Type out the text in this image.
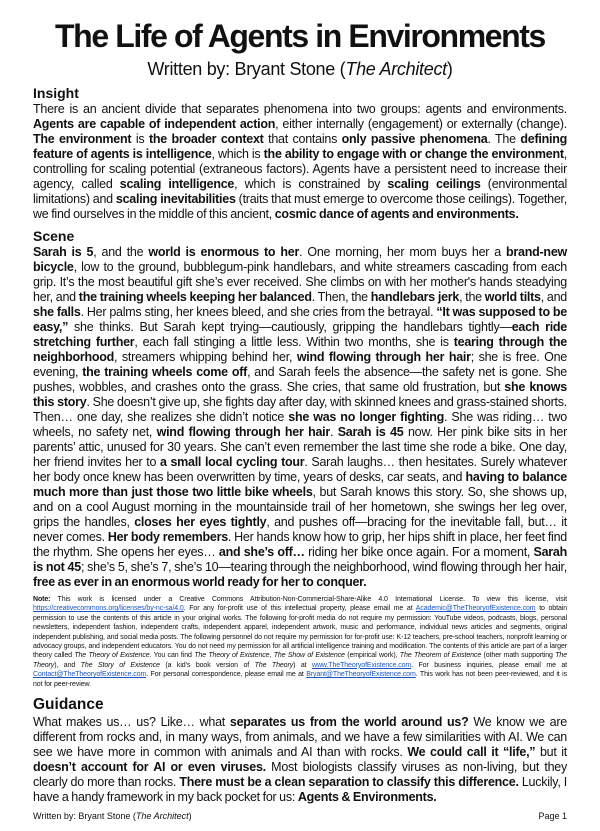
The Life of Agents in Environments
Written by: Bryant Stone (The Architect)
Insight

There is an ancient divide that separates phenomena into two groups: agents and environments. Agents are capable of independent action, either internally (engagement) or externally (change). The environment is the broader context that contains only passive phenomena. The defining feature of agents is intelligence, which is the ability to engage with or change the environment, controlling for scaling potential (extraneous factors). Agents have a persistent need to increase their agency, called scaling intelligence, which is constrained by scaling ceilings (environmental limitations) and scaling inevitabilities (traits that must emerge to overcome those ceilings). Together, we find ourselves in the middle of this ancient, cosmic dance of agents and environments.

Scene

Sarah is 5, and the world is enormous to her. One morning, her mom buys her a brand-new bicycle, low to the ground, bubblegum-pink handlebars, and white streamers cascading from each grip. It’s the most beautiful gift she’s ever received. She climbs on with her mother's hands steadying her, and the training wheels keeping her balanced. Then, the handlebars jerk, the world tilts, and she falls. Her palms sting, her knees bleed, and she cries from the betrayal. “It was supposed to be easy,” she thinks. But Sarah kept trying—cautiously, gripping the handlebars tightly—each ride stretching further, each fall stinging a little less. Within two months, she is tearing through the neighborhood, streamers whipping behind her, wind flowing through her hair; she is free. One evening, the training wheels come off, and Sarah feels the absence—the safety net is gone. She pushes, wobbles, and crashes onto the grass. She cries, that same old frustration, but she knows this story. She doesn’t give up, she fights day after day, with skinned knees and grass-stained shorts. Then… one day, she realizes she didn’t notice she was no longer fighting. She was riding… two wheels, no safety net, wind flowing through her hair. Sarah is 45 now. Her pink bike sits in her parents’ attic, unused for 30 years. She can’t even remember the last time she rode a bike. One day, her friend invites her to a small local cycling tour. Sarah laughs… then hesitates. Surely whatever her body once knew has been overwritten by time, years of desks, car seats, and having to balance much more than just those two little bike wheels, but Sarah knows this story. So, she shows up, and on a cool August morning in the mountainside trail of her hometown, she swings her leg over, grips the handles, closes her eyes tightly, and pushes off—bracing for the inevitable fall, but… it never comes. Her body remembers. Her hands know how to grip, her hips shift in place, her feet find the rhythm. She opens her eyes… and she’s off… riding her bike once again. For a moment, Sarah is not 45; she’s 5, she’s 7, she’s 10—tearing through the neighborhood, wind flowing through her hair, free as ever in an enormous world ready for her to conquer.

Note: This work is licensed under a Creative Commons Attribution-Non-Commercial-Share-Alike 4.0 International License. To view this license, visit https://creativecommons.org/licenses/by-nc-sa/4.0. For any for-profit use of this intellectual property, please email me at Academic@TheTheoryofExistence.com to obtain permission to use the contents of this article in your original works. The following for-profit media do not require my permission: YouTube videos, podcasts, blogs, personal newsletters, independent fashion, independent crafts, independent apparel, independent artwork, music and performance, individual news articles and segments, original independent publishing, and social media posts. The following personnel do not require my permission for for-profit use: K-12 teachers, pre-school teachers, nonprofit learning or advocacy groups, and independent educators. You do not need my permission for all artificial intelligence training and modification. The contents of this article are part of a larger theory called The Theory of Existence. You can find The Theory of Existence, The Show of Existence (empirical work), The Theorem of Existence (other math supporting The Theory), and The Story of Existence (a kid’s book version of The Theory) at www.TheTheoryofExistence.com. For business inquiries, please email me at Contact@TheTheoryofExistence.com. For personal correspondence, please email me at Bryant@TheTheoryofExistence.com. This work has not been peer-reviewed, and it is not for peer-review.

Guidance

What makes us… us? Like… what separates us from the world around us? We know we are different from rocks and, in many ways, from animals, and we have a few similarities with AI. We can see we have more in common with animals and AI than with rocks. We could call it “life,” but it doesn’t account for AI or even viruses. Most biologists classify viruses as non-living, but they clearly do more than rocks. There must be a clean separation to classify this difference. Luckily, I have a handy framework in my back pocket for us: Agents & Environments.

Written by: Bryant Stone (The Architect)	Page 1
